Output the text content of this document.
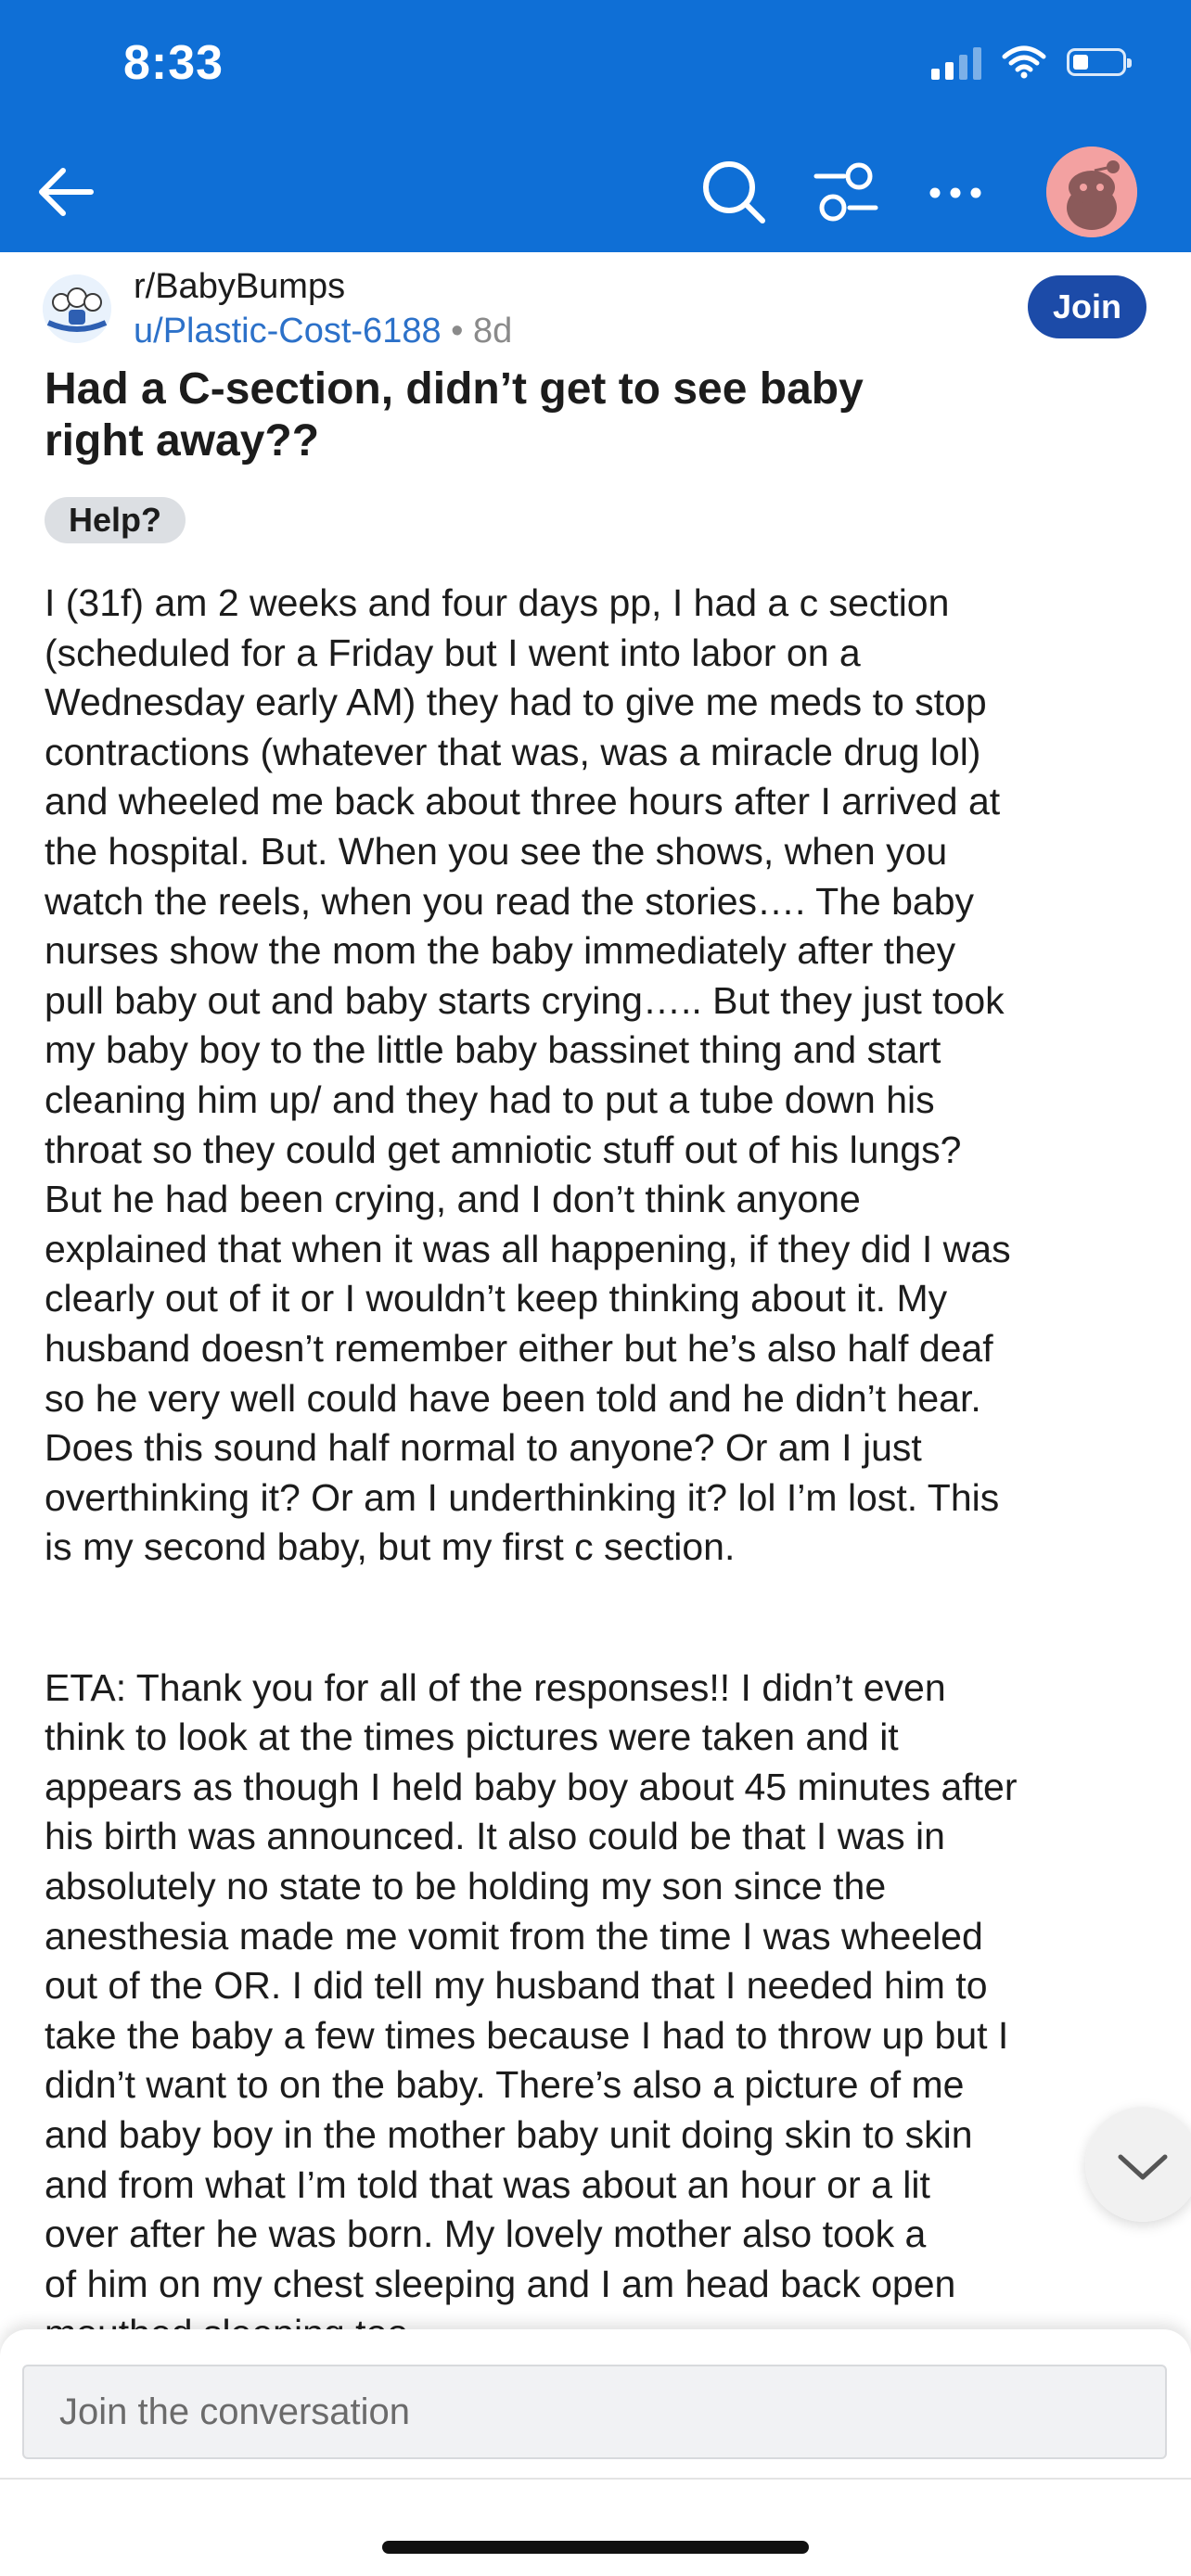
8:33
r/BabyBumps
u/Plastic-Cost-6188 • 8d
Join
Had a C-section, didn’t get to see baby right away??
Help?

I (31f) am 2 weeks and four days pp, I had a c section
(scheduled for a Friday but I went into labor on a
Wednesday early AM) they had to give me meds to stop
contractions (whatever that was, was a miracle drug lol)
and wheeled me back about three hours after I arrived at
the hospital. But. When you see the shows, when you
watch the reels, when you read the stories…. The baby
nurses show the mom the baby immediately after they
pull baby out and baby starts crying….. But they just took
my baby boy to the little baby bassinet thing and start
cleaning him up/ and they had to put a tube down his
throat so they could get amniotic stuff out of his lungs?
But he had been crying, and I don’t think anyone
explained that when it was all happening, if they did I was
clearly out of it or I wouldn’t keep thinking about it. My
husband doesn’t remember either but he’s also half deaf
so he very well could have been told and he didn’t hear.
Does this sound half normal to anyone? Or am I just
overthinking it? Or am I underthinking it? lol I’m lost. This
is my second baby, but my first c section.

ETA: Thank you for all of the responses!! I didn’t even
think to look at the times pictures were taken and it
appears as though I held baby boy about 45 minutes after
his birth was announced. It also could be that I was in
absolutely no state to be holding my son since the
anesthesia made me vomit from the time I was wheeled
out of the OR. I did tell my husband that I needed him to
take the baby a few times because I had to throw up but I
didn’t want to on the baby. There’s also a picture of me
and baby boy in the mother baby unit doing skin to skin
and from what I’m told that was about an hour or a lit
over after he was born. My lovely mother also took a
of him on my chest sleeping and I am head back open

Join the conversation
